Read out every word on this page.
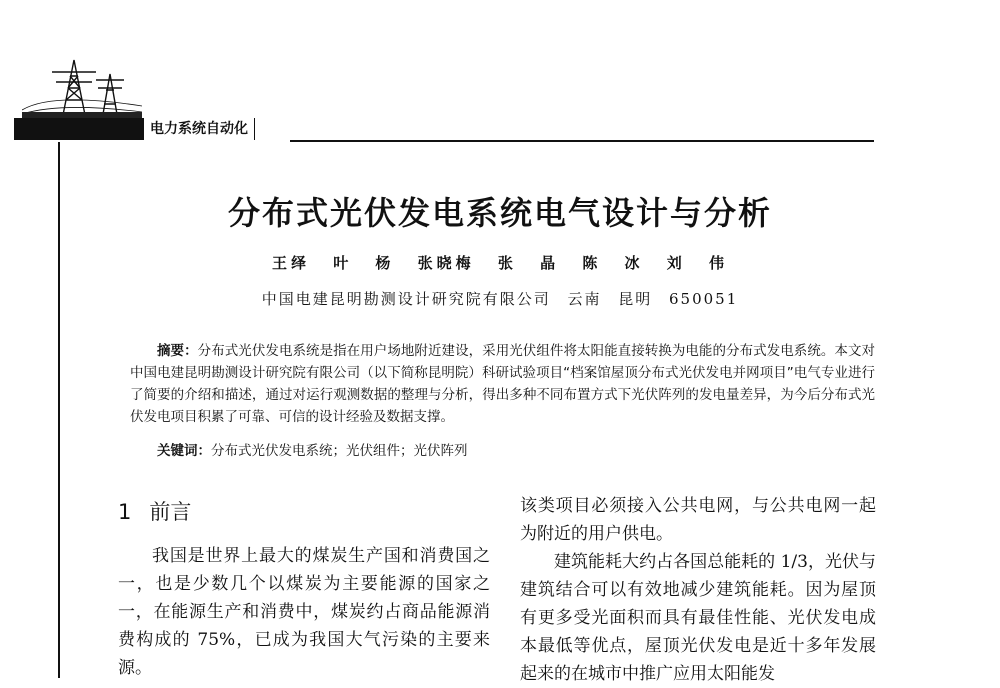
电力系统自动化
分布式光伏发电系统电气设计与分析
王绎 叶 杨 张晓梅 张 晶 陈 冰 刘 伟
中国电建昆明勘测设计研究院有限公司 云南 昆明 650051
摘要：分布式光伏发电系统是指在用户场地附近建设，采用光伏组件将太阳能直接转换为电能的分布式发电系统。本文对中国电建昆明勘测设计研究院有限公司（以下简称昆明院）科研试验项目“档案馆屋顶分布式光伏发电并网项目”电气专业进行了简要的介绍和描述，通过对运行观测数据的整理与分析，得出多种不同布置方式下光伏阵列的发电量差异，为今后分布式光伏发电项目积累了可靠、可信的设计经验及数据支撑。
关键词：分布式光伏发电系统；光伏组件；光伏阵列
1 前言

我国是世界上最大的煤炭生产国和消费国之一，也是少数几个以煤炭为主要能源的国家之一，在能源生产和消费中，煤炭约占商品能源消费构成的 75%，已成为我国大气污染的主要来源。

该类项目必须接入公共电网，与公共电网一起为附近的用户供电。

建筑能耗大约占各国总能耗的 1/3，光伏与建筑结合可以有效地减少建筑能耗。因为屋顶有更多受光面积而具有最佳性能、光伏发电成本最低等优点，屋顶光伏发电是近十多年发展起来的在城市中推广应用太阳能发
